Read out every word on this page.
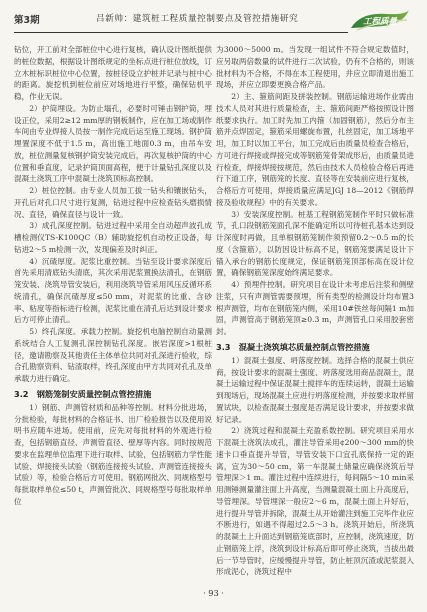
第3期	吕新帅：建筑桩工程质量控制要点及管控措施研究	工程质量

钻位，开工前对全部桩位中心进行复核，确认设计图纸提供的桩位数据，根据设计图纸规定的坐标点进行桩位放线，订立木桩标识桩位中心位置，按桩径设立护桩并记录与桩中心的距离。旋挖机到桩位前应对场地进行平整，确保钻机平稳，作业无误。

2）护筒埋设。为防止塌孔，必要时可锤击钢护筒，埋设正位，采用2≥12 mm厚的钢板制作，应在加工场或制作车间由专业焊接人员按一制作完成后运至施工现场。钢护筒埋置深度不低于1.5 m，高出施工地面0.3 m，由吊车安放，桩位测量复核钢护筒安装完成后，再次复核护筒的中心位置和垂直度，记录护筒顶面高程，便于计量钻孔深度以及混凝土浇筑工序中混凝土浇筑顶标高控制。

2）桩位控制。由专业人员加工拔一钻头和镶嵌钻头，开孔后对孔口尺寸进行复测，钻进过程中应检查钻头磨损情况、直径，确保直径与设计一致。

3）成孔深度控制。钻进过程中采用全自动超声波孔成槽检测仪TS-K100QC（B）辅助旋挖机自动校正设备，每钻进2～5 m检测一次，发现偏差及时纠正。

4）沉碴厚度。泥浆比重控制。当钻至设计要求深度后首先采用清底钻头清底，其次采用泥浆置换法清孔，在钢筋笼安装、浇筑导管安装后，利用浇筑导管采用风压反循环系统清孔，确保沉碴厚度≤50 mm，对泥浆的比重、含砂率、粘度等指标进行检测，泥浆比重在清孔后达到设计要求后方可停止清孔。

5）终孔深度。承载力控制。旋挖机电脑控制自动量测系统结合人工复测孔深控制钻孔深度。嵌岩深度>1根桩径，邀请勘察及其他责任主体单位共同对孔深进行验收，综合孔勘察资料、钻渣取样，终孔深度由甲方共同对孔孔及单承载力进行确定。

3.2　钢筋笼制安质量控制点管控措施

1）钢筋、声测管材质和品种等控制。材料分批进场，分批检验，每批材料的合格证书、出厂检验报告以及使用说明书应随车进场。使用前，应先对每批材料的外观进行检查，包括钢筋直径、声测管直径、壁厚等内容。同时按规范要求在监理单位监理下进行取样、试验，包括钢筋力学性能试验、焊接接头试验（钢筋连接接头试验、声测管连接接头试验）等，检验合格后方可使用。钢筋网批次、同规格型号每批取样单位≤50 t，声测管批次、同规格型号每批取样单位

为3000～5000 m。当发现一组试件不符合规定数值时，应另取两倍数量的试件进行二次试验，仍有不合格的，则该批材料为不合格，不得在本工程使用，并应立即清退出施工现场，并应立即要更换合格产品。

2）主、箍筋间距及拼装控制。钢筋运输进场作业需由技术人员对其进行质量检查，主、箍筋间距严格按照设计图纸要求执行。加工时先加工内箍（加固钢筋），然后分布主筋并点焊固定，箍筋采用螺旋布置，扎丝固定，加工场地平坦，加工时以加工平台，加工完成后由质量员检查合格后，方可进行焊接或焊接完成等钢筋笼骨架成形后，由质量员进行检查，焊接焊接按规范，然后由技术人员检验合格后再进行下道工序，钢筋笼的长度、直径等在安装前应进行复核，合格后方可使用，焊接质量应满足JGJ 18—2012《钢筋焊接及验收规程》中的有关要求。

3）安装深度控制。桩基工程钢筋笼制作平时只做标准节，孔口段钢筋笼面孔深不能确定所以可待桩孔基本达到设计深度时再做，且单根钢筋笼制作须预留0.2～0.5 m的长度（含箍筋），以防因设计标高不足，钢筋笼要满足设计下锚入承台的钢筋长度规定，保证钢筋笼顶部标高在设计位置，确保钢筋笼深度始终满足要求。

4）预埋件控制。研究项目在设计未考虑后注浆和侧壁注浆，只有声测管需要预埋，所有类型的检测设计均布置3根声测管，均布在钢筋笼内侧，采用10#铁丝每间隔1 m加固，声测管高于钢筋笼顶≥0.3 m，声测管孔口采用胶套密封。

3.3　混凝土浇筑填芯质量控制点管控措施

1）混凝土强度、坍落度控制。选择合格的混凝土供应商，按设计要求的混凝土强度、坍落度选用商品混凝土，混凝土运输过程中保证混凝土搅拌车的连续运转，混凝土运输到现场后，现场混凝土应进行坍落度检测，并按要求取样留置试块，以检查混凝土强度是否满足设计要求，并按要求做好记录。

2）浇筑过程和混凝土充盈系数控制。研究项目采用水下混凝土浇筑法成孔，灌注导管采用¢200～300 mm的快速卡口垂直提升导管，导管安装下口宜孔底保持一定的距离，宜为30～50 cm，第一车混凝土储量应确保浇筑后导管埋深＞1 m。灌注过程中连续进行，每间隔5～10 min采用测锤测量灌注面上升高度，当测量混凝土面上升高度后，导管埋深。导管埋深一般应2～6 m，混凝土面上升好后，进行提升导管并拆除，混凝土从开始灌注到施工完毕作业应不断进行，如遇不得超过2.5～3 h。浇筑开始后，所浇筑的混凝土上升面达到钢筋笼底部时，应控制，浇筑速度，防止钢筋笼上浮，浇筑到设计标高后即可停止浇筑，当拔出最后一节导管时，应缓慢提升导管，防止桩顶沉渣或泥浆混入形成泥心，浇筑过程中

· 93 ·
